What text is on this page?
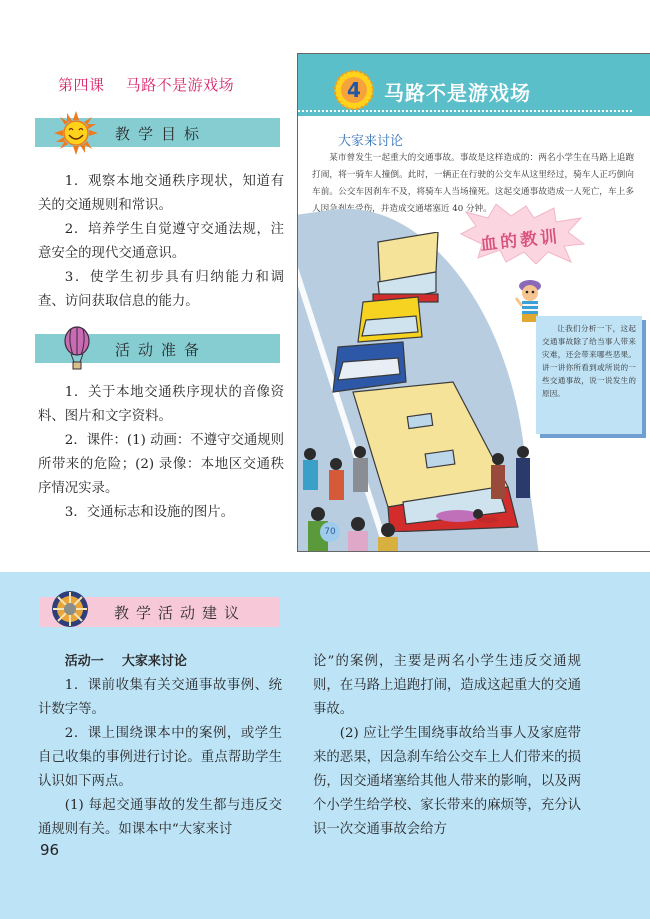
第四课    马路不是游戏场
教学目标

1．观察本地交通秩序现状，知道有关的交通规则和常识。

2．培养学生自觉遵守交通法规，注意安全的现代交通意识。

3．使学生初步具有归纳能力和调查、访问获取信息的能力。

活动准备

1．关于本地交通秩序现状的音像资料、图片和文字资料。

2．课件：(1) 动画：不遵守交通规则所带来的危险；(2) 录像：本地区交通秩序情况实录。

3．交通标志和设施的图片。

4 马路不是游戏场
大家来讨论

某市曾发生一起重大的交通事故。事故是这样造成的：两名小学生在马路上追跑打闹，将一骑车人撞倒。此时，一辆正在行驶的公交车从这里经过，骑车人正巧倒向车前。公交车因刹车不及，将骑车人当场撞死。这起交通事故造成一人死亡，车上多人因急刹车受伤，并造成交通堵塞近 40 分钟。

血的教训

让我们分析一下，这起交通事故除了给当事人带来灾难，还会带来哪些恶果。讲一讲你所看到或所说的一些交通事故，说一说发生的原因。

70
教学活动建议

活动一    大家来讨论

1．课前收集有关交通事故事例、统计数字等。

2．课上围绕课本中的案例，或学生自己收集的事例进行讨论。重点帮助学生认识如下两点。

(1) 每起交通事故的发生都与违反交通规则有关。如课本中“大家来讨

论”的案例，主要是两名小学生违反交通规则，在马路上追跑打闹，造成这起重大的交通事故。

(2) 应让学生围绕事故给当事人及家庭带来的恶果，因急刹车给公交车上人们带来的损伤，因交通堵塞给其他人带来的影响，以及两个小学生给学校、家长带来的麻烦等，充分认识一次交通事故会给方

96
